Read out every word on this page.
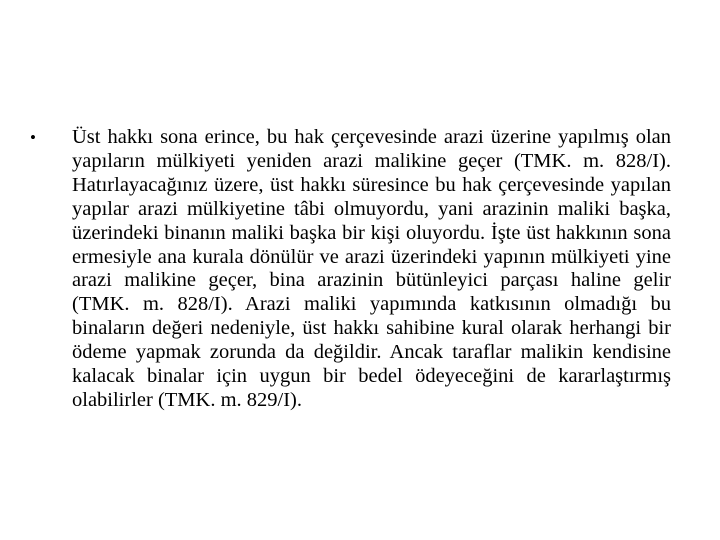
•	Üst hakkı sona erince, bu hak çerçevesinde arazi üzerine yapılmış olan yapıların mülkiyeti yeniden arazi malikine geçer (TMK. m. 828/I). Hatırlayacağınız üzere, üst hakkı süresince bu hak çerçevesinde yapılan yapılar arazi mülkiyetine tâbi olmuyordu, yani arazinin maliki başka, üzerindeki binanın maliki başka bir kişi oluyordu. İşte üst hakkının sona ermesiyle ana kurala dönülür ve arazi üzerindeki yapının mülkiyeti yine arazi malikine geçer, bina arazinin bütünleyici parçası haline gelir (TMK. m. 828/I). Arazi maliki yapımında katkısının olmadığı bu binaların değeri nedeniyle, üst hakkı sahibine kural olarak herhangi bir ödeme yapmak zorunda da değildir. Ancak taraflar malikin kendisine kalacak binalar için uygun bir bedel ödeyeceğini de kararlaştırmış olabilirler (TMK. m. 829/I).
